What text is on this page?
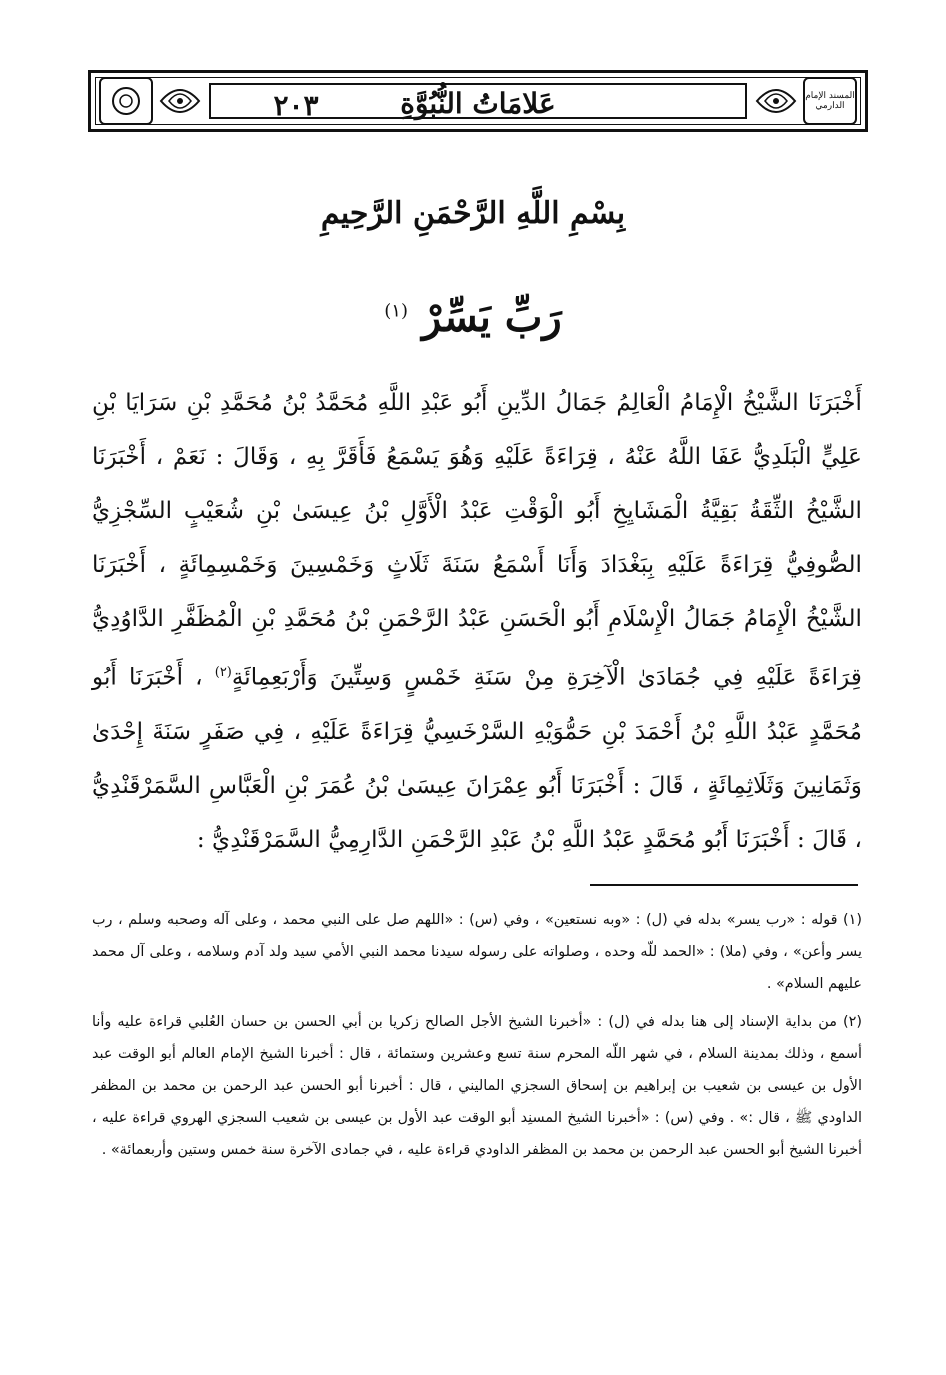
٢٠٣	عَلامَاتُ النُّبُوَّةِ	المسند الإمام الدارمي
بِسْمِ اللَّهِ الرَّحْمَنِ الرَّحِيمِ
رَبِّ يَسِّرْ $^{(١)}$
أَخْبَرَنَا الشَّيْخُ الْإِمَامُ الْعَالِمُ جَمَالُ الدِّينِ أَبُو عَبْدِ اللَّهِ مُحَمَّدُ بْنُ مُحَمَّدِ بْنِ سَرَايَا بْنِ عَلِيٍّ الْبَلَدِيُّ عَفَا اللَّهُ عَنْهُ ، قِرَاءَةً عَلَيْهِ وَهُوَ يَسْمَعُ فَأَقَرَّ بِهِ ، وَقَالَ : نَعَمْ ، أَخْبَرَنَا الشَّيْخُ الثِّقَةُ بَقِيَّةُ الْمَشَايِخِ أَبُو الْوَقْتِ عَبْدُ الْأَوَّلِ بْنُ عِيسَىٰ بْنِ شُعَيْبٍ السِّجْزِيُّ الصُّوفِيُّ قِرَاءَةً عَلَيْهِ بِبَغْدَادَ وَأَنَا أَسْمَعُ سَنَةَ ثَلَاثٍ وَخَمْسِينَ وَخَمْسِمِائَةٍ ، أَخْبَرَنَا الشَّيْخُ الْإِمَامُ جَمَالُ الْإِسْلَامِ أَبُو الْحَسَنِ عَبْدُ الرَّحْمَنِ بْنُ مُحَمَّدِ بْنِ الْمُظَفَّرِ الدَّاوُدِيُّ قِرَاءَةً عَلَيْهِ فِي جُمَادَىٰ الْآخِرَةِ مِنْ سَنَةِ خَمْسٍ وَسِتِّينَ وَأَرْبَعِمِائَةٍ$^{(٢)}$ ، أَخْبَرَنَا أَبُو مُحَمَّدٍ عَبْدُ اللَّهِ بْنُ أَحْمَدَ بْنِ حَمُّوَيْهِ السَّرْخَسِيُّ قِرَاءَةً عَلَيْهِ ، فِي صَفَرٍ سَنَةَ إِحْدَىٰ وَثَمَانِينَ وَثَلَاثِمِائَةٍ ، قَالَ : أَخْبَرَنَا أَبُو عِمْرَانَ عِيسَىٰ بْنُ عُمَرَ بْنِ الْعَبَّاسِ السَّمَرْقَنْدِيُّ ، قَالَ : أَخْبَرَنَا أَبُو مُحَمَّدٍ عَبْدُ اللَّهِ بْنُ عَبْدِ الرَّحْمَنِ الدَّارِمِيُّ السَّمَرْقَنْدِيُّ :

(١) قوله : «رب يسر» بدله في (ل) : «وبه نستعين» ، وفي (س) : «اللهم صل على النبي محمد ، وعلى آله وصحبه وسلم ، رب يسر وأعن» ، وفي (ملا) : «الحمد للّه وحده ، وصلواته على رسوله سيدنا محمد النبي الأمي سيد ولد آدم وسلامه ، وعلى آل محمد عليهم السلام» .

(٢) من بداية الإسناد إلى هنا بدله في (ل) : «أخبرنا الشيخ الأجل الصالح زكريا بن أبي الحسن بن حسان العُلبي قراءة عليه وأنا أسمع ، وذلك بمدينة السلام ، في شهر اللّه المحرم سنة تسع وعشرين وستمائة ، قال : أخبرنا الشيخ الإمام العالم أبو الوقت عبد الأول بن عيسى بن شعيب بن إبراهيم بن إسحاق السجزي الماليني ، قال : أخبرنا أبو الحسن عبد الرحمن بن محمد بن المظفر الداودي ﷺ ، قال :» . وفي (س) : «أخبرنا الشيخ المسنِد أبو الوقت عبد الأول بن عيسى بن شعيب السجزي الهروي قراءة عليه ، أخبرنا الشيخ أبو الحسن عبد الرحمن بن محمد بن المظفر الداودي قراءة عليه ، في جمادى الآخرة سنة خمس وستين وأربعمائة» .
